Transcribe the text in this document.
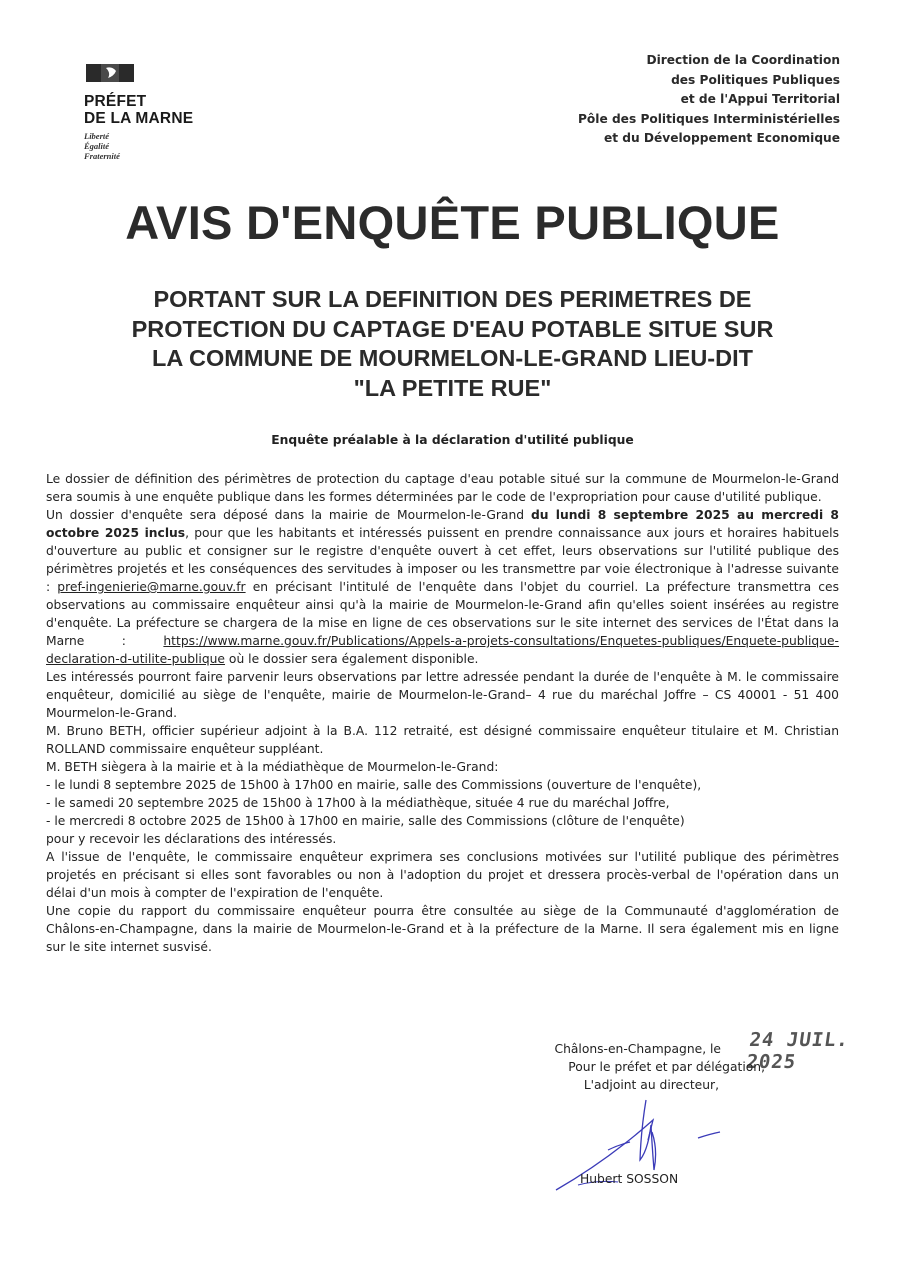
PRÉFET
DE LA MARNE
Liberté
Égalité
Fraternité
Direction de la Coordination
des Politiques Publiques
et de l'Appui Territorial
Pôle des Politiques Interministérielles
et du Développement Economique
AVIS D'ENQUÊTE PUBLIQUE
PORTANT SUR LA DEFINITION DES PERIMETRES DE
PROTECTION DU CAPTAGE D'EAU POTABLE SITUE SUR
LA COMMUNE DE MOURMELON-LE-GRAND LIEU-DIT
"LA PETITE RUE"
Enquête préalable à la déclaration d'utilité publique

Le dossier de définition des périmètres de protection du captage d'eau potable situé sur la commune de Mourmelon-le-Grand sera soumis à une enquête publique dans les formes déterminées par le code de l'expropriation pour cause d'utilité publique.

Un dossier d'enquête sera déposé dans la mairie de Mourmelon-le-Grand du lundi 8 septembre 2025 au mercredi 8 octobre 2025 inclus, pour que les habitants et intéressés puissent en prendre connaissance aux jours et horaires habituels d'ouverture au public et consigner sur le registre d'enquête ouvert à cet effet, leurs observations sur l'utilité publique des périmètres projetés et les conséquences des servitudes à imposer ou les transmettre par voie électronique à l'adresse suivante : pref-ingenierie@marne.gouv.fr en précisant l'intitulé de l'enquête dans l'objet du courriel. La préfecture transmettra ces observations au commissaire enquêteur ainsi qu'à la mairie de Mourmelon-le-Grand afin qu'elles soient insérées au registre d'enquête. La préfecture se chargera de la mise en ligne de ces observations sur le site internet des services de l'État dans la Marne : https://www.marne.gouv.fr/Publications/Appels-a-projets-consultations/Enquetes-publiques/Enquete-publique-declaration-d-utilite-publique où le dossier sera également disponible.

Les intéressés pourront faire parvenir leurs observations par lettre adressée pendant la durée de l'enquête à M. le commissaire enquêteur, domicilié au siège de l'enquête, mairie de Mourmelon-le-Grand– 4 rue du maréchal Joffre – CS 40001 - 51 400 Mourmelon-le-Grand.

M. Bruno BETH, officier supérieur adjoint à la B.A. 112 retraité, est désigné commissaire enquêteur titulaire et M. Christian ROLLAND commissaire enquêteur suppléant.

M. BETH siègera à la mairie et à la médiathèque de Mourmelon-le-Grand:

- le lundi 8 septembre 2025 de 15h00 à 17h00 en mairie, salle des Commissions (ouverture de l'enquête),

- le samedi 20 septembre 2025 de 15h00 à 17h00 à la médiathèque, située 4 rue du maréchal Joffre,

- le mercredi 8 octobre 2025 de 15h00 à 17h00 en mairie, salle des Commissions (clôture de l'enquête)

pour y recevoir les déclarations des intéressés.

A l'issue de l'enquête, le commissaire enquêteur exprimera ses conclusions motivées sur l'utilité publique des périmètres projetés en précisant si elles sont favorables ou non à l'adoption du projet et dressera procès-verbal de l'opération dans un délai d'un mois à compter de l'expiration de l'enquête.

Une copie du rapport du commissaire enquêteur pourra être consultée au siège de la Communauté d'agglomération de Châlons-en-Champagne, dans la mairie de Mourmelon-le-Grand et à la préfecture de la Marne. Il sera également mis en ligne sur le site internet susvisé.

24 JUIL. 2025
Châlons-en-Champagne, le
Pour le préfet et par délégation,
L'adjoint au directeur,
Hubert SOSSON
